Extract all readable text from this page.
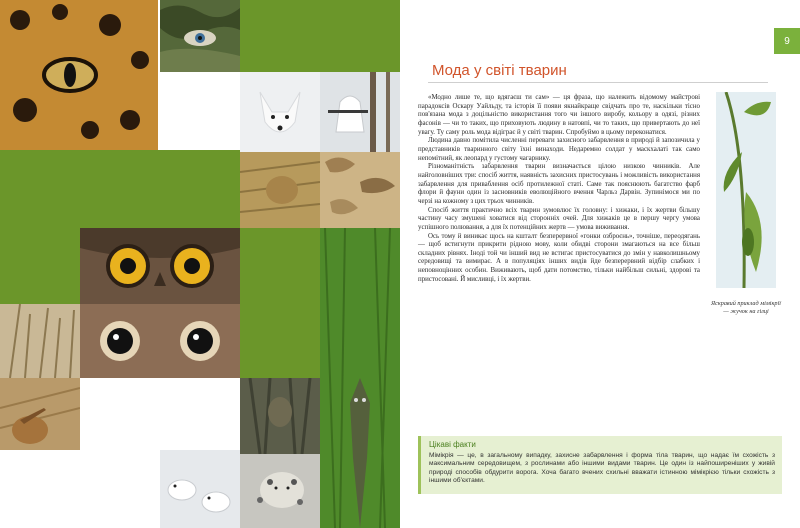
9
Мода у світі тварин

«Модно лише те, що вдягаєш ти сам» — ця фраза, що належить відомому майстрові парадоксів Оскару Уайльду, та історія її появи якнайкраще свідчать про те, наскільки тісно пов'язана мода з доцільністю використання того чи іншого виробу, кольору в одязі, різних фасонів — чи то таких, що приховують людину в натовпі, чи то таких, що привертають до неї увагу. Ту саму роль мода відіграє й у світі тварин. Спробуймо в цьому переконатися.

Людина давно помітила численні переваги захисного забарвлення в природі й запозичила у представників тваринного світу їхні винаходи. Недаремно солдат у маскхалаті так само непомітний, як леопард у густому чагарнику.

Різноманітність забарвлення тварин визначається цілою низкою чинників. Але найголовніших три: спосіб життя, наявність захисних пристосувань і можливість використання забарвлення для приваблення осіб протилежної статі. Саме так пояснюють багатство фарб флори й фауни один із засновників еволюційного вчення Чарльз Дарвін. Зупинімося ми по черзі на кожному з цих трьох чинників.

Спосіб життя практично всіх тварин зумовлює їх головну: і хижаки, і їх жертви більшу частину часу змушені ховатися від сторонніх очей. Для хижаків це в першу чергу умова успішного полювання, а для їх потенційних жертв — умова виживання.

Ось тому й виникає щось на кшталт безперервної «гонки озброєнь», точніше, переодягань — щоб встигнути прикрити рідною мову, коли обидві сторони змагаються на все більш складних рівнях. Іноді той чи інший вид не встигає пристосуватися до змін у навколишньому середовищі та вимирає. А в популяціях інших видів йде безперервний відбір слабких і неповноцінних особин. Виживають, щоб дати потомство, тільки найбільш сильні, здорові та пристосовані. Й мисливці, і їх жертви.

Яскравий приклад мімікрії — жучок на гілці
Цікаві факти
Мімікрія — це, в загальному випадку, захисне забарвлення і форма тіла тварин, що надає їм схожість з максимальним середовищем, з рослинами або іншими видами тварин. Це один із найпоширеніших у живій природі способів обдурити ворога. Хоча багато вчених схильні вважати істинною мімікрією тільки схожість з іншими об'єктами.
